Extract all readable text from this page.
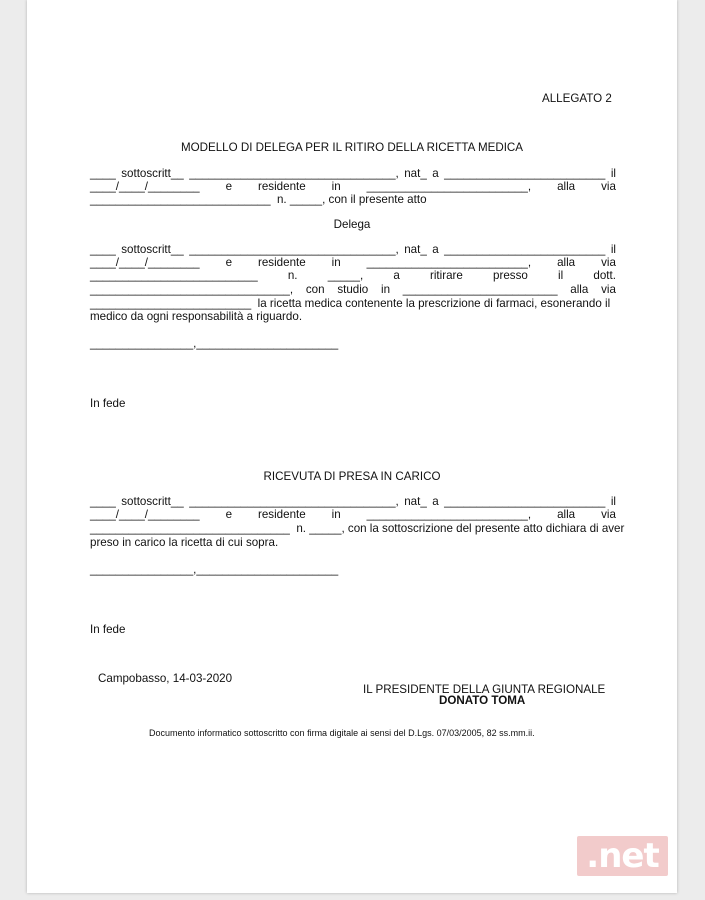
ALLEGATO 2
MODELLO DI DELEGA PER IL RITIRO DELLA RICETTA MEDICA
____ sottoscritt__ ________________________________, nat_ a _________________________ il
____/____/________ e residente in _________________________, alla via
____________________________  n. _____, con il presente atto
Delega
____ sottoscritt__ ________________________________, nat_ a _________________________ il
____/____/________ e residente in _________________________, alla via
__________________________	n.	_____,	a	ritirare	presso	il	dott.
_______________________________, con studio in ________________________ alla via
_________________________  la ricetta medica contenente la prescrizione di farmaci, esonerando il
medico da ogni responsabilità a riguardo.
________________,______________________
In fede
RICEVUTA DI PRESA IN CARICO
____ sottoscritt__ ________________________________, nat_ a _________________________ il
____/____/________ e residente in _________________________, alla via
_______________________________  n. _____, con la sottoscrizione del presente atto dichiara di aver
preso in carico la ricetta di cui sopra.
________________,______________________
In fede
Campobasso, 14-03-2020
IL PRESIDENTE DELLA GIUNTA REGIONALE
DONATO TOMA
Documento informatico sottoscritto con firma digitale ai sensi del D.Lgs. 07/03/2005, 82 ss.mm.ii.
.net
